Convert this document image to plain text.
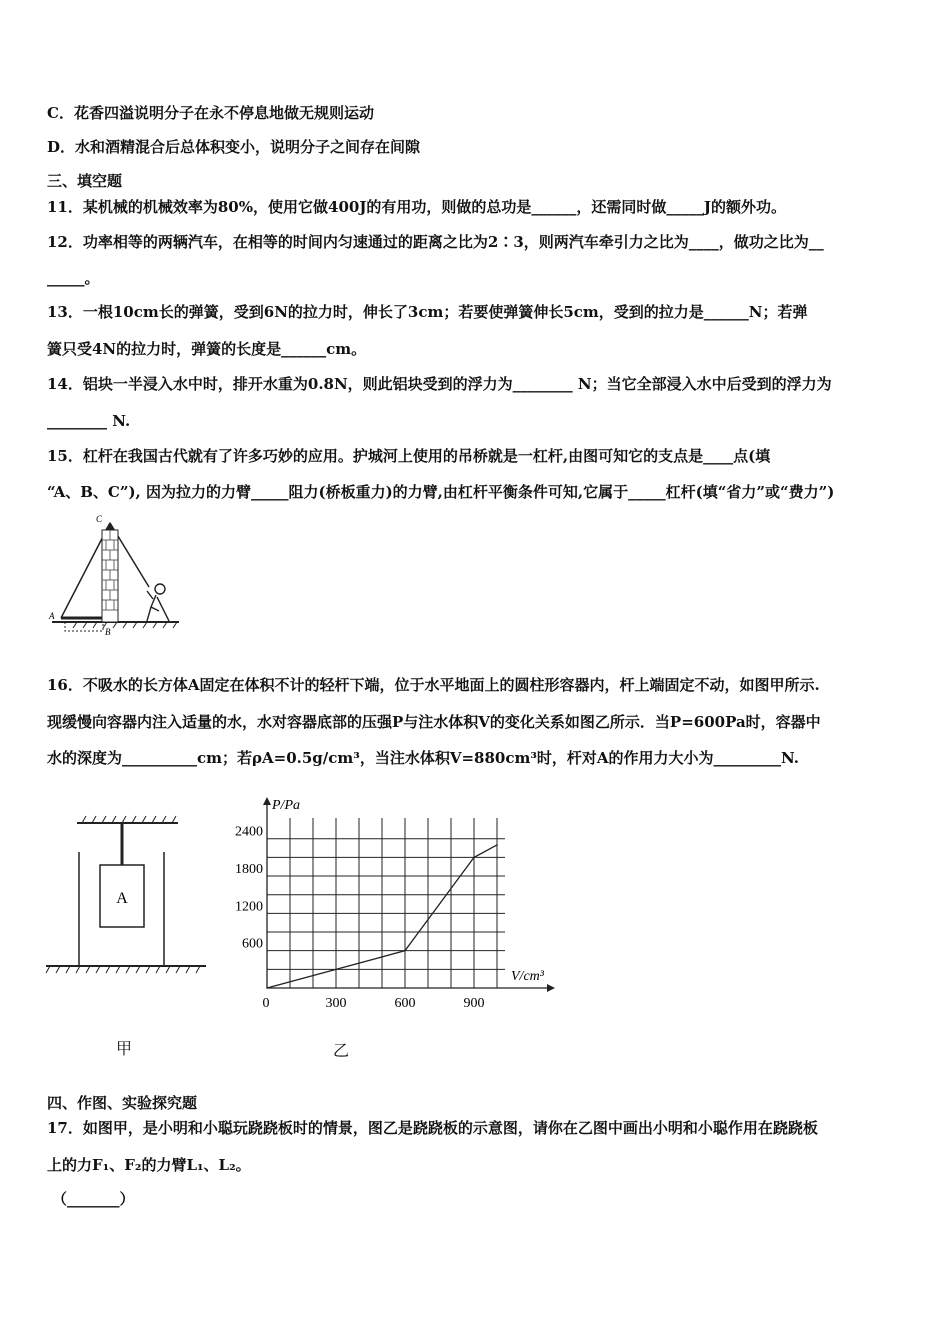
C．花香四溢说明分子在永不停息地做无规则运动
D．水和酒精混合后总体积变小，说明分子之间存在间隙
三、填空题
11．某机械的机械效率为80%，使用它做400J的有用功，则做的总功是______，还需同时做_____J的额外功。
12．功率相等的两辆汽车，在相等的时间内匀速通过的距离之比为2∶3，则两汽车牵引力之比为____，做功之比为__
_____。
13．一根10cm长的弹簧，受到6N的拉力时，伸长了3cm；若要使弹簧伸长5cm，受到的拉力是______N；若弹
簧只受4N的拉力时，弹簧的长度是______cm。
14．铝块一半浸入水中时，排开水重为0.8N，则此铝块受到的浮力为________ N；当它全部浸入水中后受到的浮力为
________ N.
15．杠杆在我国古代就有了许多巧妙的应用。护城河上使用的吊桥就是一杠杆,由图可知它的支点是____点(填
“A、B、C”), 因为拉力的力臂_____阻力(桥板重力)的力臂,由杠杆平衡条件可知,它属于_____杠杆(填“省力”或“费力”)
A
B
C
16．不吸水的长方体A固定在体积不计的轻杆下端，位于水平地面上的圆柱形容器内，杆上端固定不动，如图甲所示.
现缓慢向容器内注入适量的水，水对容器底部的压强P与注水体积V的变化关系如图乙所示．当P=600Pa时，容器中
水的深度为__________cm；若ρA=0.5g/cm³，当注水体积V=880cm³时，杆对A的作用力大小为_________N.
A
甲
P/Pa
V/cm³
0	300	600	900
600
1200
1800
2400
乙
四、作图、实验探究题
17．如图甲，是小明和小聪玩跷跷板时的情景，图乙是跷跷板的示意图，请你在乙图中画出小明和小聪作用在跷跷板
上的力F₁、F₂的力臂L₁、L₂。
（_______）
